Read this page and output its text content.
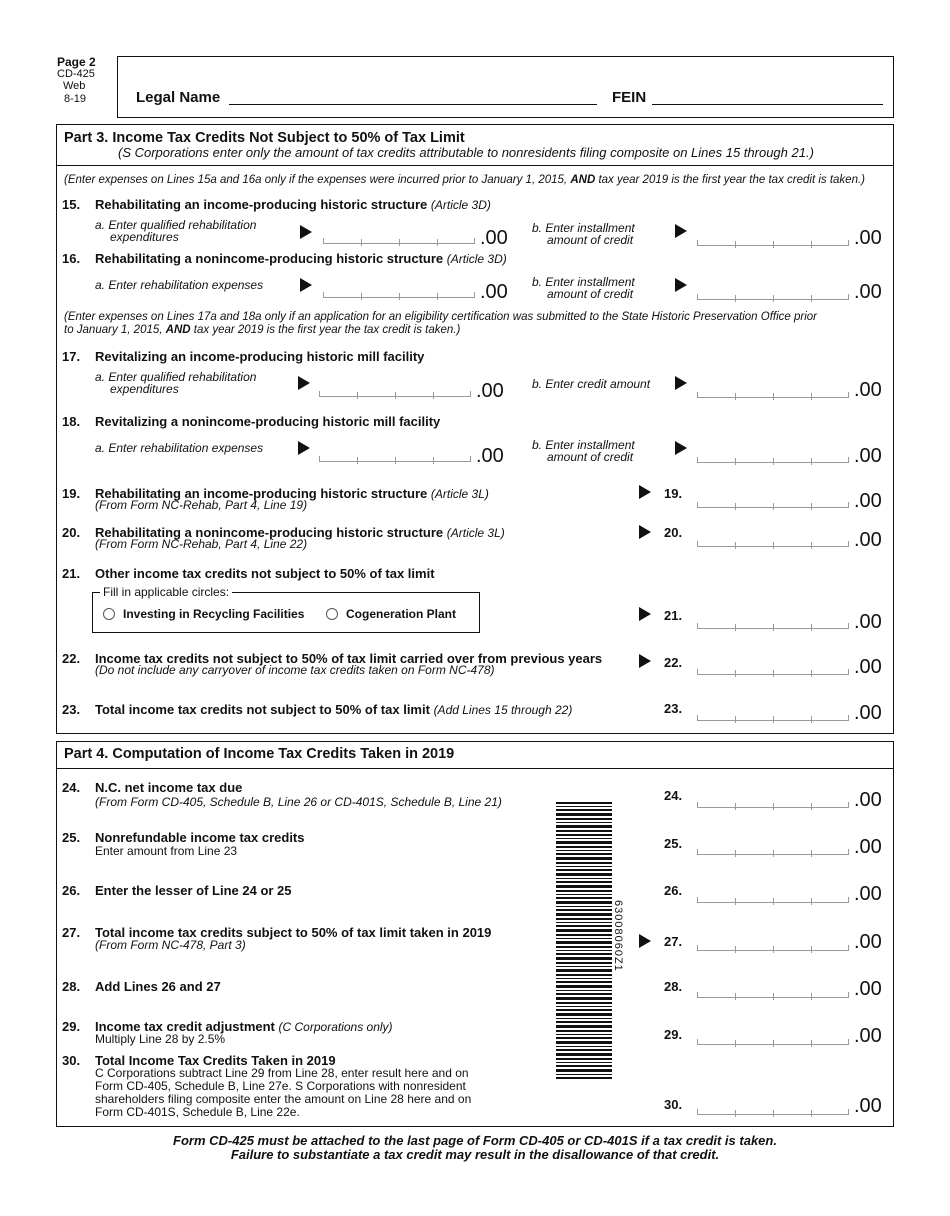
Page 2
CD-425
Web
8-19	Legal Name	FEIN
Part 3. Income Tax Credits Not Subject to 50% of Tax Limit
(S Corporations enter only the amount of tax credits attributable to nonresidents filing composite on Lines 15 through 21.)
(Enter expenses on Lines 15a and 16a only if the expenses were incurred prior to January 1, 2015, AND tax year 2019 is the first year the tax credit is taken.)
15. Rehabilitating an income-producing historic structure (Article 3D)
a. Enter qualified rehabilitation
expenditures	.00 b. Enter installment
amount of credit	.00
16. Rehabilitating a nonincome-producing historic structure (Article 3D)
a. Enter rehabilitation expenses	.00 b. Enter installment
amount of credit	.00
(Enter expenses on Lines 17a and 18a only if an application for an eligibility certification was submitted to the State Historic Preservation Office prior
to January 1, 2015, AND tax year 2019 is the first year the tax credit is taken.)
17. Revitalizing an income-producing historic mill facility
a. Enter qualified rehabilitation
expenditures	.00 b. Enter credit amount	.00
18. Revitalizing a nonincome-producing historic mill facility
a. Enter rehabilitation expenses	.00 b. Enter installment
amount of credit	.00
19. Rehabilitating an income-producing historic structure (Article 3L)
(From Form NC-Rehab, Part 4, Line 19)
19.	.00
20. Rehabilitating a nonincome-producing historic structure (Article 3L)
(From Form NC-Rehab, Part 4, Line 22)
20.	.00
21. Other income tax credits not subject to 50% of tax limit
Fill in applicable circles:
Investing in Recycling Facilities	Cogeneration Plant	21.	.00
22. Income tax credits not subject to 50% of tax limit carried over from previous years
(Do not include any carryover of income tax credits taken on Form NC-478)	22.	.00
23. Total income tax credits not subject to 50% of tax limit (Add Lines 15 through 22)	23.	.00
Part 4. Computation of Income Tax Credits Taken in 2019
24. N.C. net income tax due
(From Form CD-405, Schedule B, Line 26 or CD-401S, Schedule B, Line 21)	24.	.00
25. Nonrefundable income tax credits
Enter amount from Line 23	25.	.00
26. Enter the lesser of Line 24 or 25	26.	.00
27. Total income tax credits subject to 50% of tax limit taken in 2019
(From Form NC-478, Part 3)	27.	.00
28. Add Lines 26 and 27	28.	.00
29. Income tax credit adjustment (C Corporations only)
Multiply Line 28 by 2.5%	29.	.00
30. Total Income Tax Credits Taken in 2019
C Corporations subtract Line 29 from Line 28, enter result here and on
Form CD-405, Schedule B, Line 27e. S Corporations with nonresident
shareholders filing composite enter the amount on Line 28 here and on
Form CD-401S, Schedule B, Line 22e.	30.	.00
63008060Z1
Form CD-425 must be attached to the last page of Form CD-405 or CD-401S if a tax credit is taken.
Failure to substantiate a tax credit may result in the disallowance of that credit.
